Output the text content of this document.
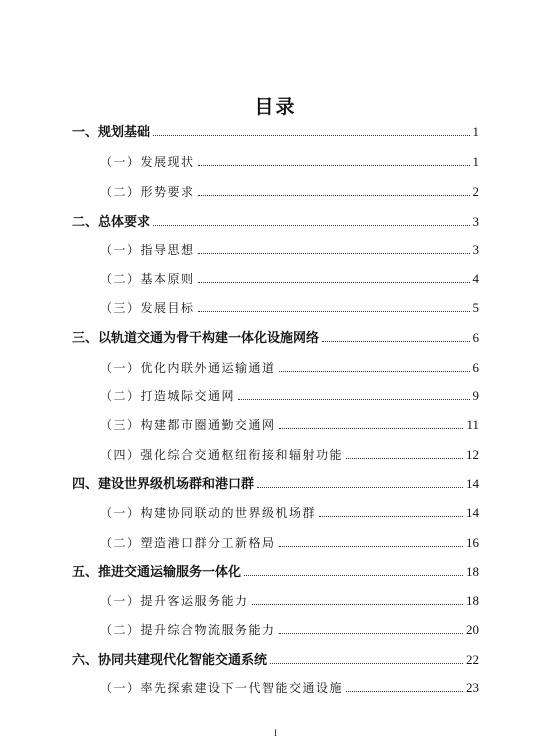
目录
一、规划基础	1
（一）发展现状	1
（二）形势要求	2
二、总体要求	3
（一）指导思想	3
（二）基本原则	4
（三）发展目标	5
三、以轨道交通为骨干构建一体化设施网络	6
（一）优化内联外通运输通道	6
（二）打造城际交通网	9
（三）构建都市圈通勤交通网	11
（四）强化综合交通枢纽衔接和辐射功能	12
四、建设世界级机场群和港口群	14
（一）构建协同联动的世界级机场群	14
（二）塑造港口群分工新格局	16
五、推进交通运输服务一体化	18
（一）提升客运服务能力	18
（二）提升综合物流服务能力	20
六、协同共建现代化智能交通系统	22
（一）率先探索建设下一代智能交通设施	23
I
